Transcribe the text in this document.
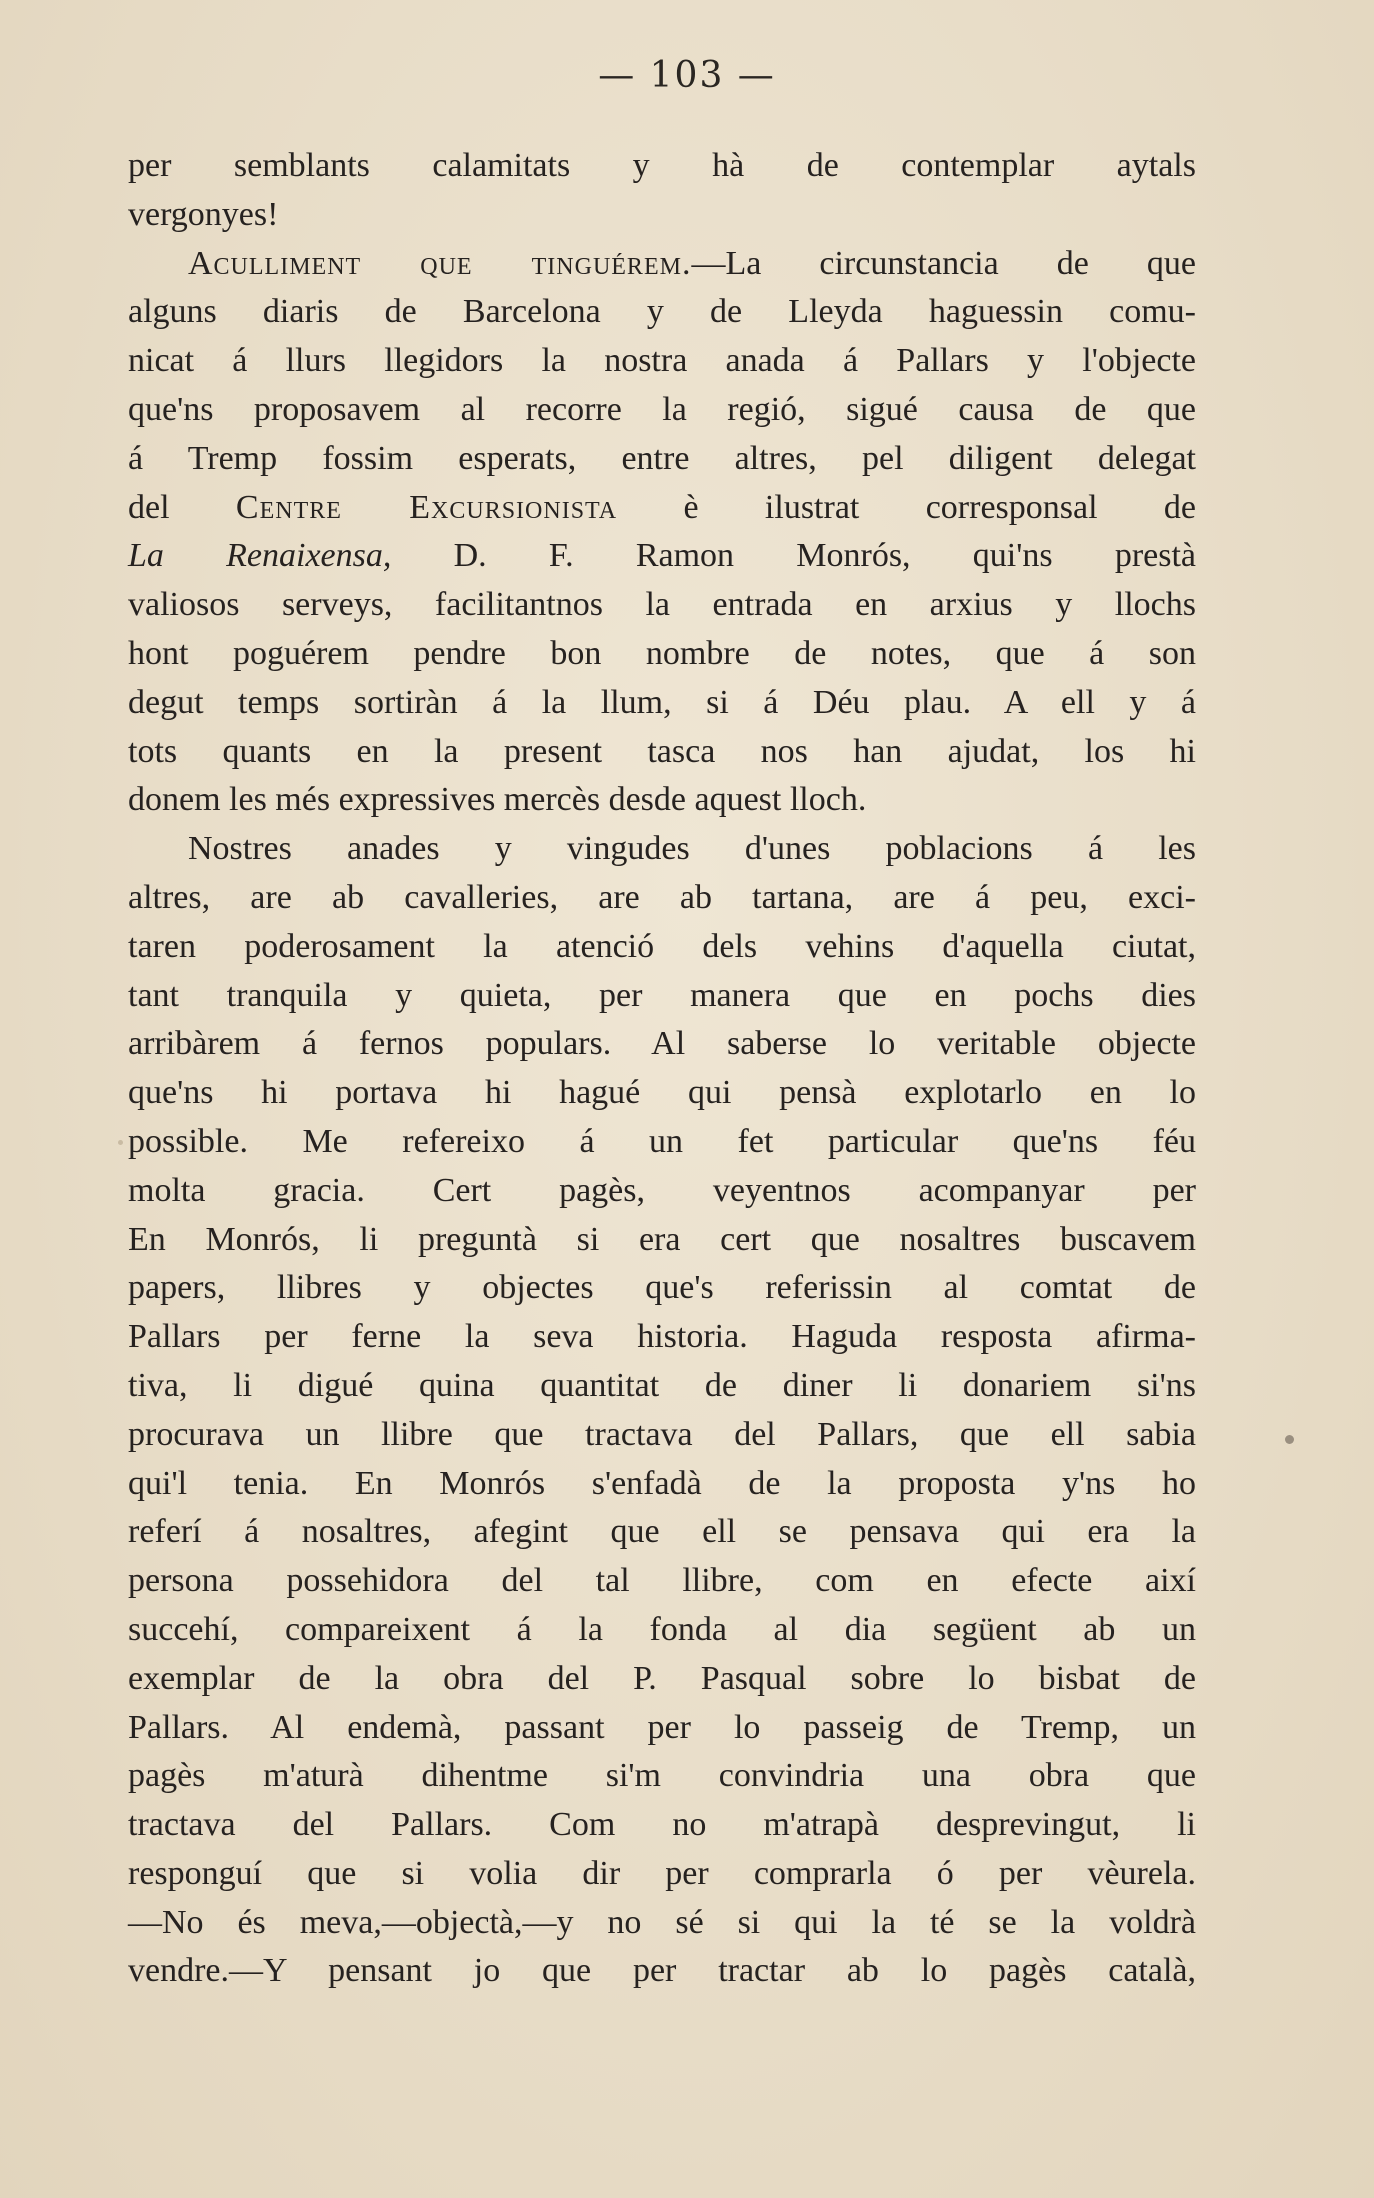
— 103 —
per semblants calamitats y hà de contemplar aytals
vergonyes!
Aculliment que tinguérem.—La circunstancia de que
alguns diaris de Barcelona y de Lleyda haguessin comu-
nicat á llurs llegidors la nostra anada á Pallars y l'objecte
que'ns proposavem al recorre la regió, sigué causa de que
á Tremp fossim esperats, entre altres, pel diligent delegat
del Centre Excursionista è ilustrat corresponsal de
La Renaixensa, D. F. Ramon Monrós, qui'ns prestà
valiosos serveys, facilitantnos la entrada en arxius y llochs
hont poguérem pendre bon nombre de notes, que á son
degut temps sortiràn á la llum, si á Déu plau. A ell y á
tots quants en la present tasca nos han ajudat, los hi
donem les més expressives mercès desde aquest lloch.
Nostres anades y vingudes d'unes poblacions á les
altres, are ab cavalleries, are ab tartana, are á peu, exci-
taren poderosament la atenció dels vehins d'aquella ciutat,
tant tranquila y quieta, per manera que en pochs dies
arribàrem á fernos populars. Al saberse lo veritable objecte
que'ns hi portava hi hagué qui pensà explotarlo en lo
possible. Me refereixo á un fet particular que'ns féu
molta gracia. Cert pagès, veyentnos acompanyar per
En Monrós, li preguntà si era cert que nosaltres buscavem
papers, llibres y objectes que's referissin al comtat de
Pallars per ferne la seva historia. Haguda resposta afirma-
tiva, li digué quina quantitat de diner li donariem si'ns
procurava un llibre que tractava del Pallars, que ell sabia
qui'l tenia. En Monrós s'enfadà de la proposta y'ns ho
referí á nosaltres, afegint que ell se pensava qui era la
persona possehidora del tal llibre, com en efecte així
succehí, compareixent á la fonda al dia següent ab un
exemplar de la obra del P. Pasqual sobre lo bisbat de
Pallars. Al endemà, passant per lo passeig de Tremp, un
pagès m'aturà dihentme si'm convindria una obra que
tractava del Pallars. Com no m'atrapà desprevingut, li
responguí que si volia dir per comprarla ó per vèurela.
—No és meva,—objectà,—y no sé si qui la té se la voldrà
vendre.—Y pensant jo que per tractar ab lo pagès català,
